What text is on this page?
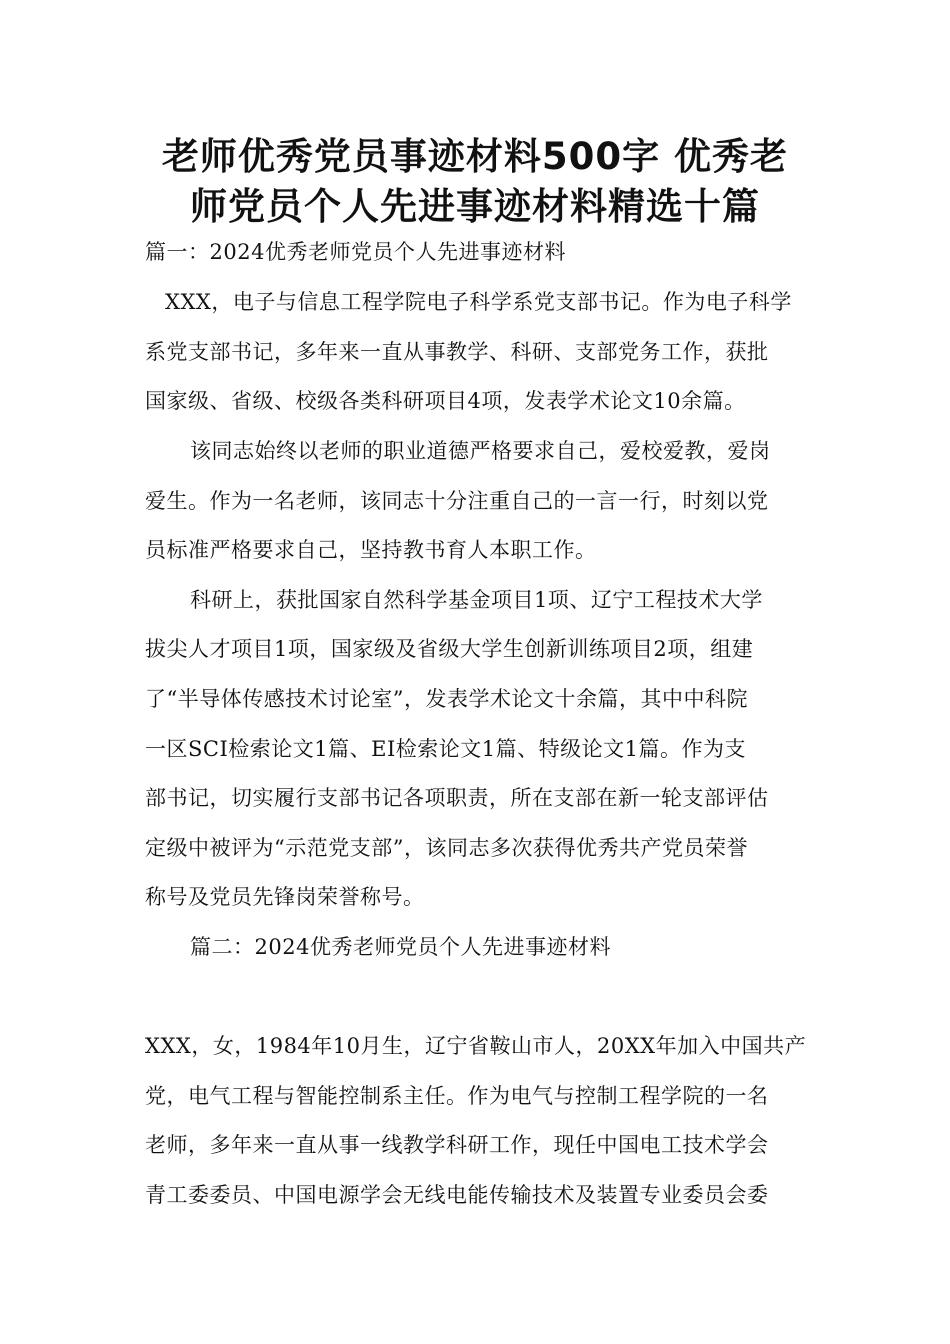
老师优秀党员事迹材料500字 优秀老
师党员个人先进事迹材料精选十篇

篇一：2024优秀老师党员个人先进事迹材料

XXX，电子与信息工程学院电子科学系党支部书记。作为电子科学

系党支部书记，多年来一直从事教学、科研、支部党务工作，获批

国家级、省级、校级各类科研项目4项，发表学术论文10余篇。

该同志始终以老师的职业道德严格要求自己，爱校爱教，爱岗

爱生。作为一名老师，该同志十分注重自己的一言一行，时刻以党

员标准严格要求自己，坚持教书育人本职工作。

科研上，获批国家自然科学基金项目1项、辽宁工程技术大学

拔尖人才项目1项，国家级及省级大学生创新训练项目2项，组建

了“半导体传感技术讨论室”，发表学术论文十余篇，其中中科院

一区SCI检索论文1篇、EI检索论文1篇、特级论文1篇。作为支

部书记，切实履行支部书记各项职责，所在支部在新一轮支部评估

定级中被评为“示范党支部”，该同志多次获得优秀共产党员荣誉

称号及党员先锋岗荣誉称号。

篇二：2024优秀老师党员个人先进事迹材料

XXX，女，1984年10月生，辽宁省鞍山市人，20XX年加入中国共产

党，电气工程与智能控制系主任。作为电气与控制工程学院的一名

老师，多年来一直从事一线教学科研工作，现任中国电工技术学会

青工委委员、中国电源学会无线电能传输技术及装置专业委员会委
